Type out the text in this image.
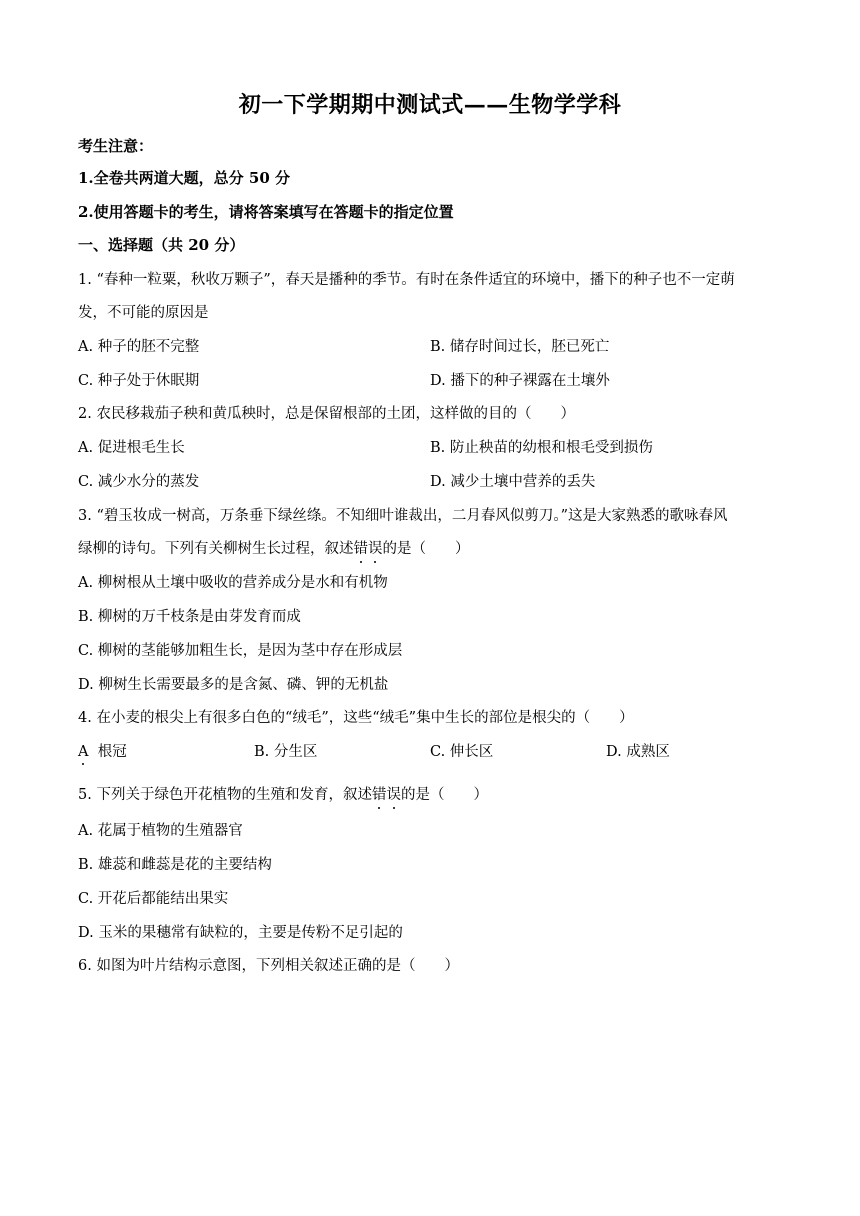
初一下学期期中测试式——生物学学科
考生注意：
1.全卷共两道大题，总分 50 分
2.使用答题卡的考生，请将答案填写在答题卡的指定位置
一、选择题（共 20 分）
1. “春种一粒粟，秋收万颗子”，春天是播种的季节。有时在条件适宜的环境中，播下的种子也不一定萌
发，不可能的原因是
A. 种子的胚不完整	B. 储存时间过长，胚已死亡
C. 种子处于休眠期	D. 播下的种子裸露在土壤外
2. 农民移栽茄子秧和黄瓜秧时，总是保留根部的土团，这样做的目的（　　）
A. 促进根毛生长	B. 防止秧苗的幼根和根毛受到损伤
C. 减少水分的蒸发	D. 减少土壤中营养的丢失
3. “碧玉妆成一树高，万条垂下绿丝绦。不知细叶谁裁出，二月春风似剪刀。”这是大家熟悉的歌咏春风
绿柳的诗句。下列有关柳树生长过程，叙述错误的是（　　）
A. 柳树根从土壤中吸收的营养成分是水和有机物
B. 柳树的万千枝条是由芽发育而成
C. 柳树的茎能够加粗生长，是因为茎中存在形成层
D. 柳树生长需要最多的是含氮、磷、钾的无机盐
4. 在小麦的根尖上有很多白色的“绒毛”，这些“绒毛”集中生长的部位是根尖的（　　）
A 根冠	B. 分生区	C. 伸长区	D. 成熟区
5. 下列关于绿色开花植物的生殖和发育，叙述错误的是（　　）
A. 花属于植物的生殖器官
B. 雄蕊和雌蕊是花的主要结构
C. 开花后都能结出果实
D. 玉米的果穗常有缺粒的，主要是传粉不足引起的
6. 如图为叶片结构示意图，下列相关叙述正确的是（　　）
